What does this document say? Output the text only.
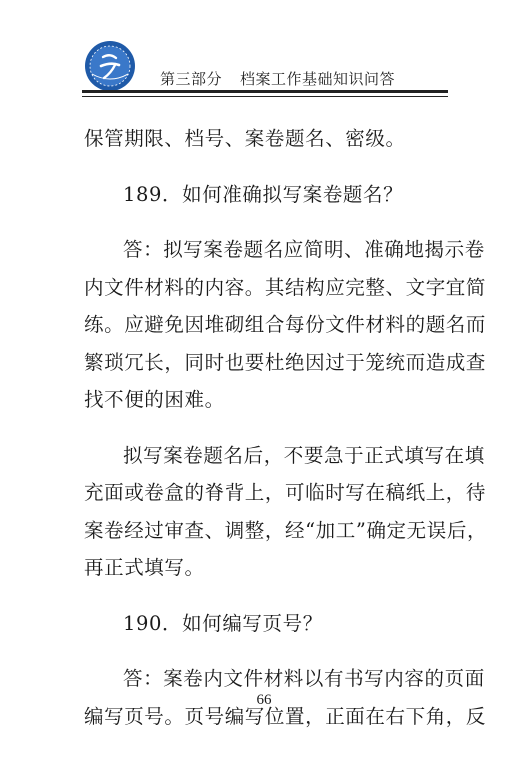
第三部分 档案工作基础知识问答
保管期限、档号、案卷题名、密级。
189．如何准确拟写案卷题名？
答：拟写案卷题名应简明、准确地揭示卷
内文件材料的内容。其结构应完整、文字宜简
练。应避免因堆砌组合每份文件材料的题名而
繁琐冗长，同时也要杜绝因过于笼统而造成查
找不便的困难。
拟写案卷题名后，不要急于正式填写在填
充面或卷盒的脊背上，可临时写在稿纸上，待
案卷经过审查、调整，经“加工”确定无误后，
再正式填写。
190．如何编写页号？
答：案卷内文件材料以有书写内容的页面
编写页号。页号编写位置，正面在右下角，反
66
